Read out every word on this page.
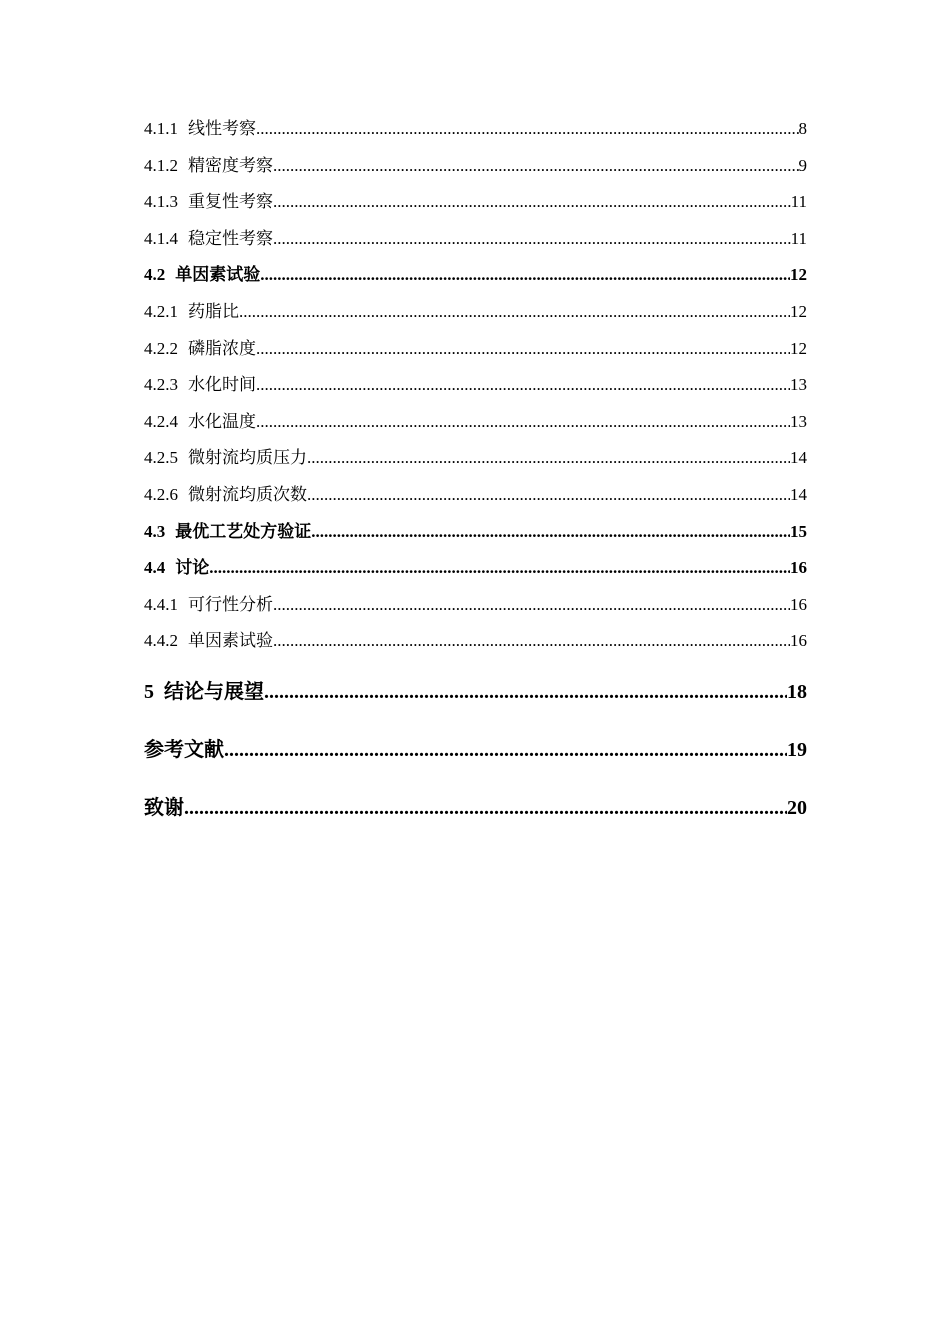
4.1.1 线性考察 .....	8
4.1.2 精密度考察 .....	9
4.1.3 重复性考察 .....	11
4.1.4 稳定性考察 .....	11
4.2 单因素试验 .....	12
4.2.1 药脂比 .....	12
4.2.2 磷脂浓度 .....	12
4.2.3 水化时间 .....	13
4.2.4 水化温度 .....	13
4.2.5 微射流均质压力 .....	14
4.2.6 微射流均质次数 .....	14
4.3 最优工艺处方验证 .....	15
4.4 讨论 .....	16
4.4.1 可行性分析 .....	16
4.4.2 单因素试验 .....	16
5 结论与展望 .....	18
参考文献 .....	19
致谢 .....	20
